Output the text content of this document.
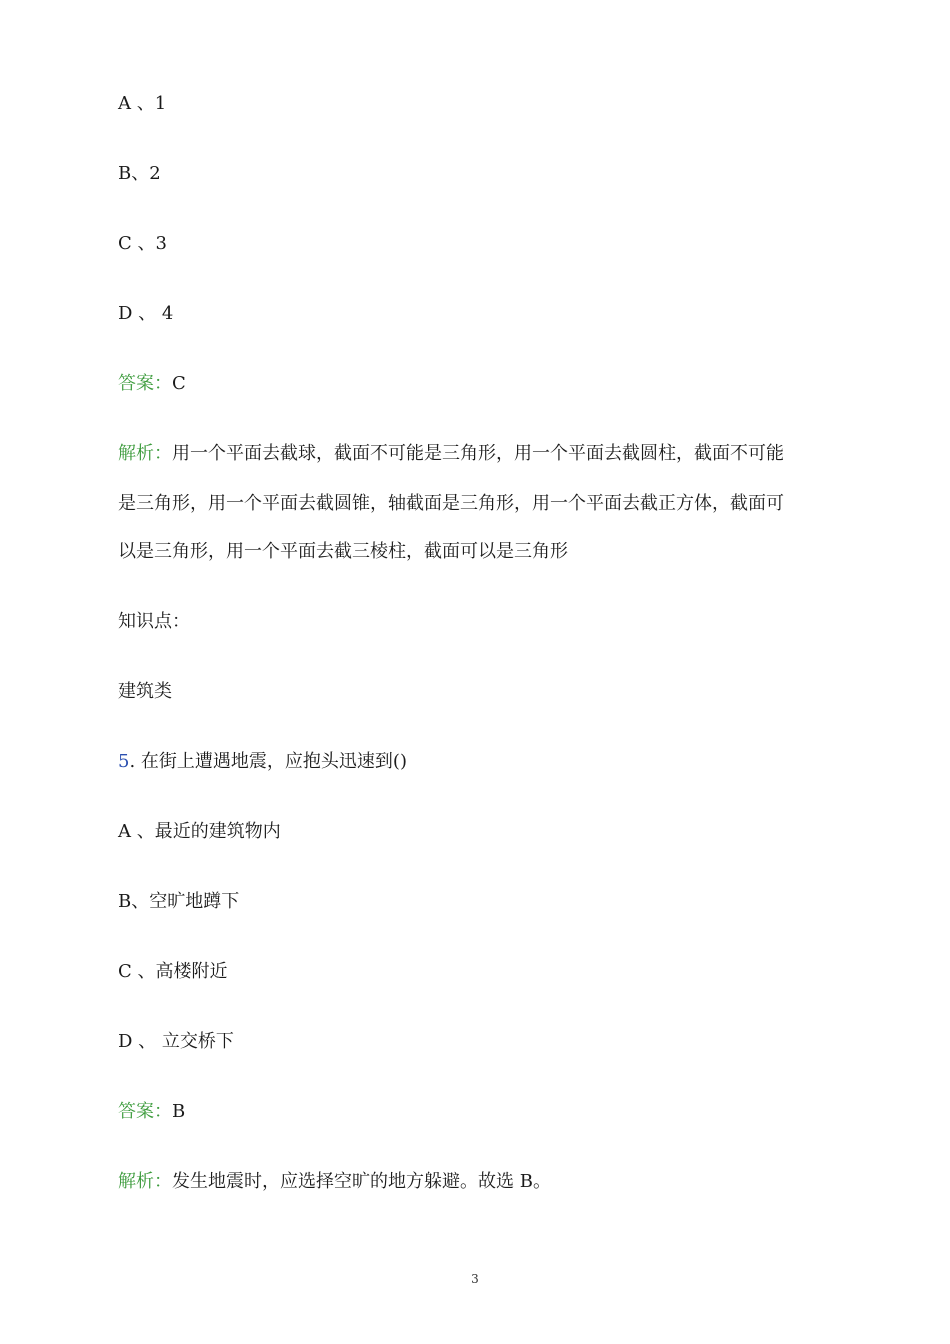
A 、1
B、2
C 、3
D 、 4
答案：C
解析：用一个平面去截球，截面不可能是三角形，用一个平面去截圆柱，截面不可能
是三角形，用一个平面去截圆锥，轴截面是三角形，用一个平面去截正方体，截面可
以是三角形，用一个平面去截三棱柱，截面可以是三角形
知识点：
建筑类
5. 在街上遭遇地震，应抱头迅速到()
A 、最近的建筑物内
B、空旷地蹲下
C 、高楼附近
D 、 立交桥下
答案：B
解析：发生地震时，应选择空旷的地方躲避。故选 B。
3
